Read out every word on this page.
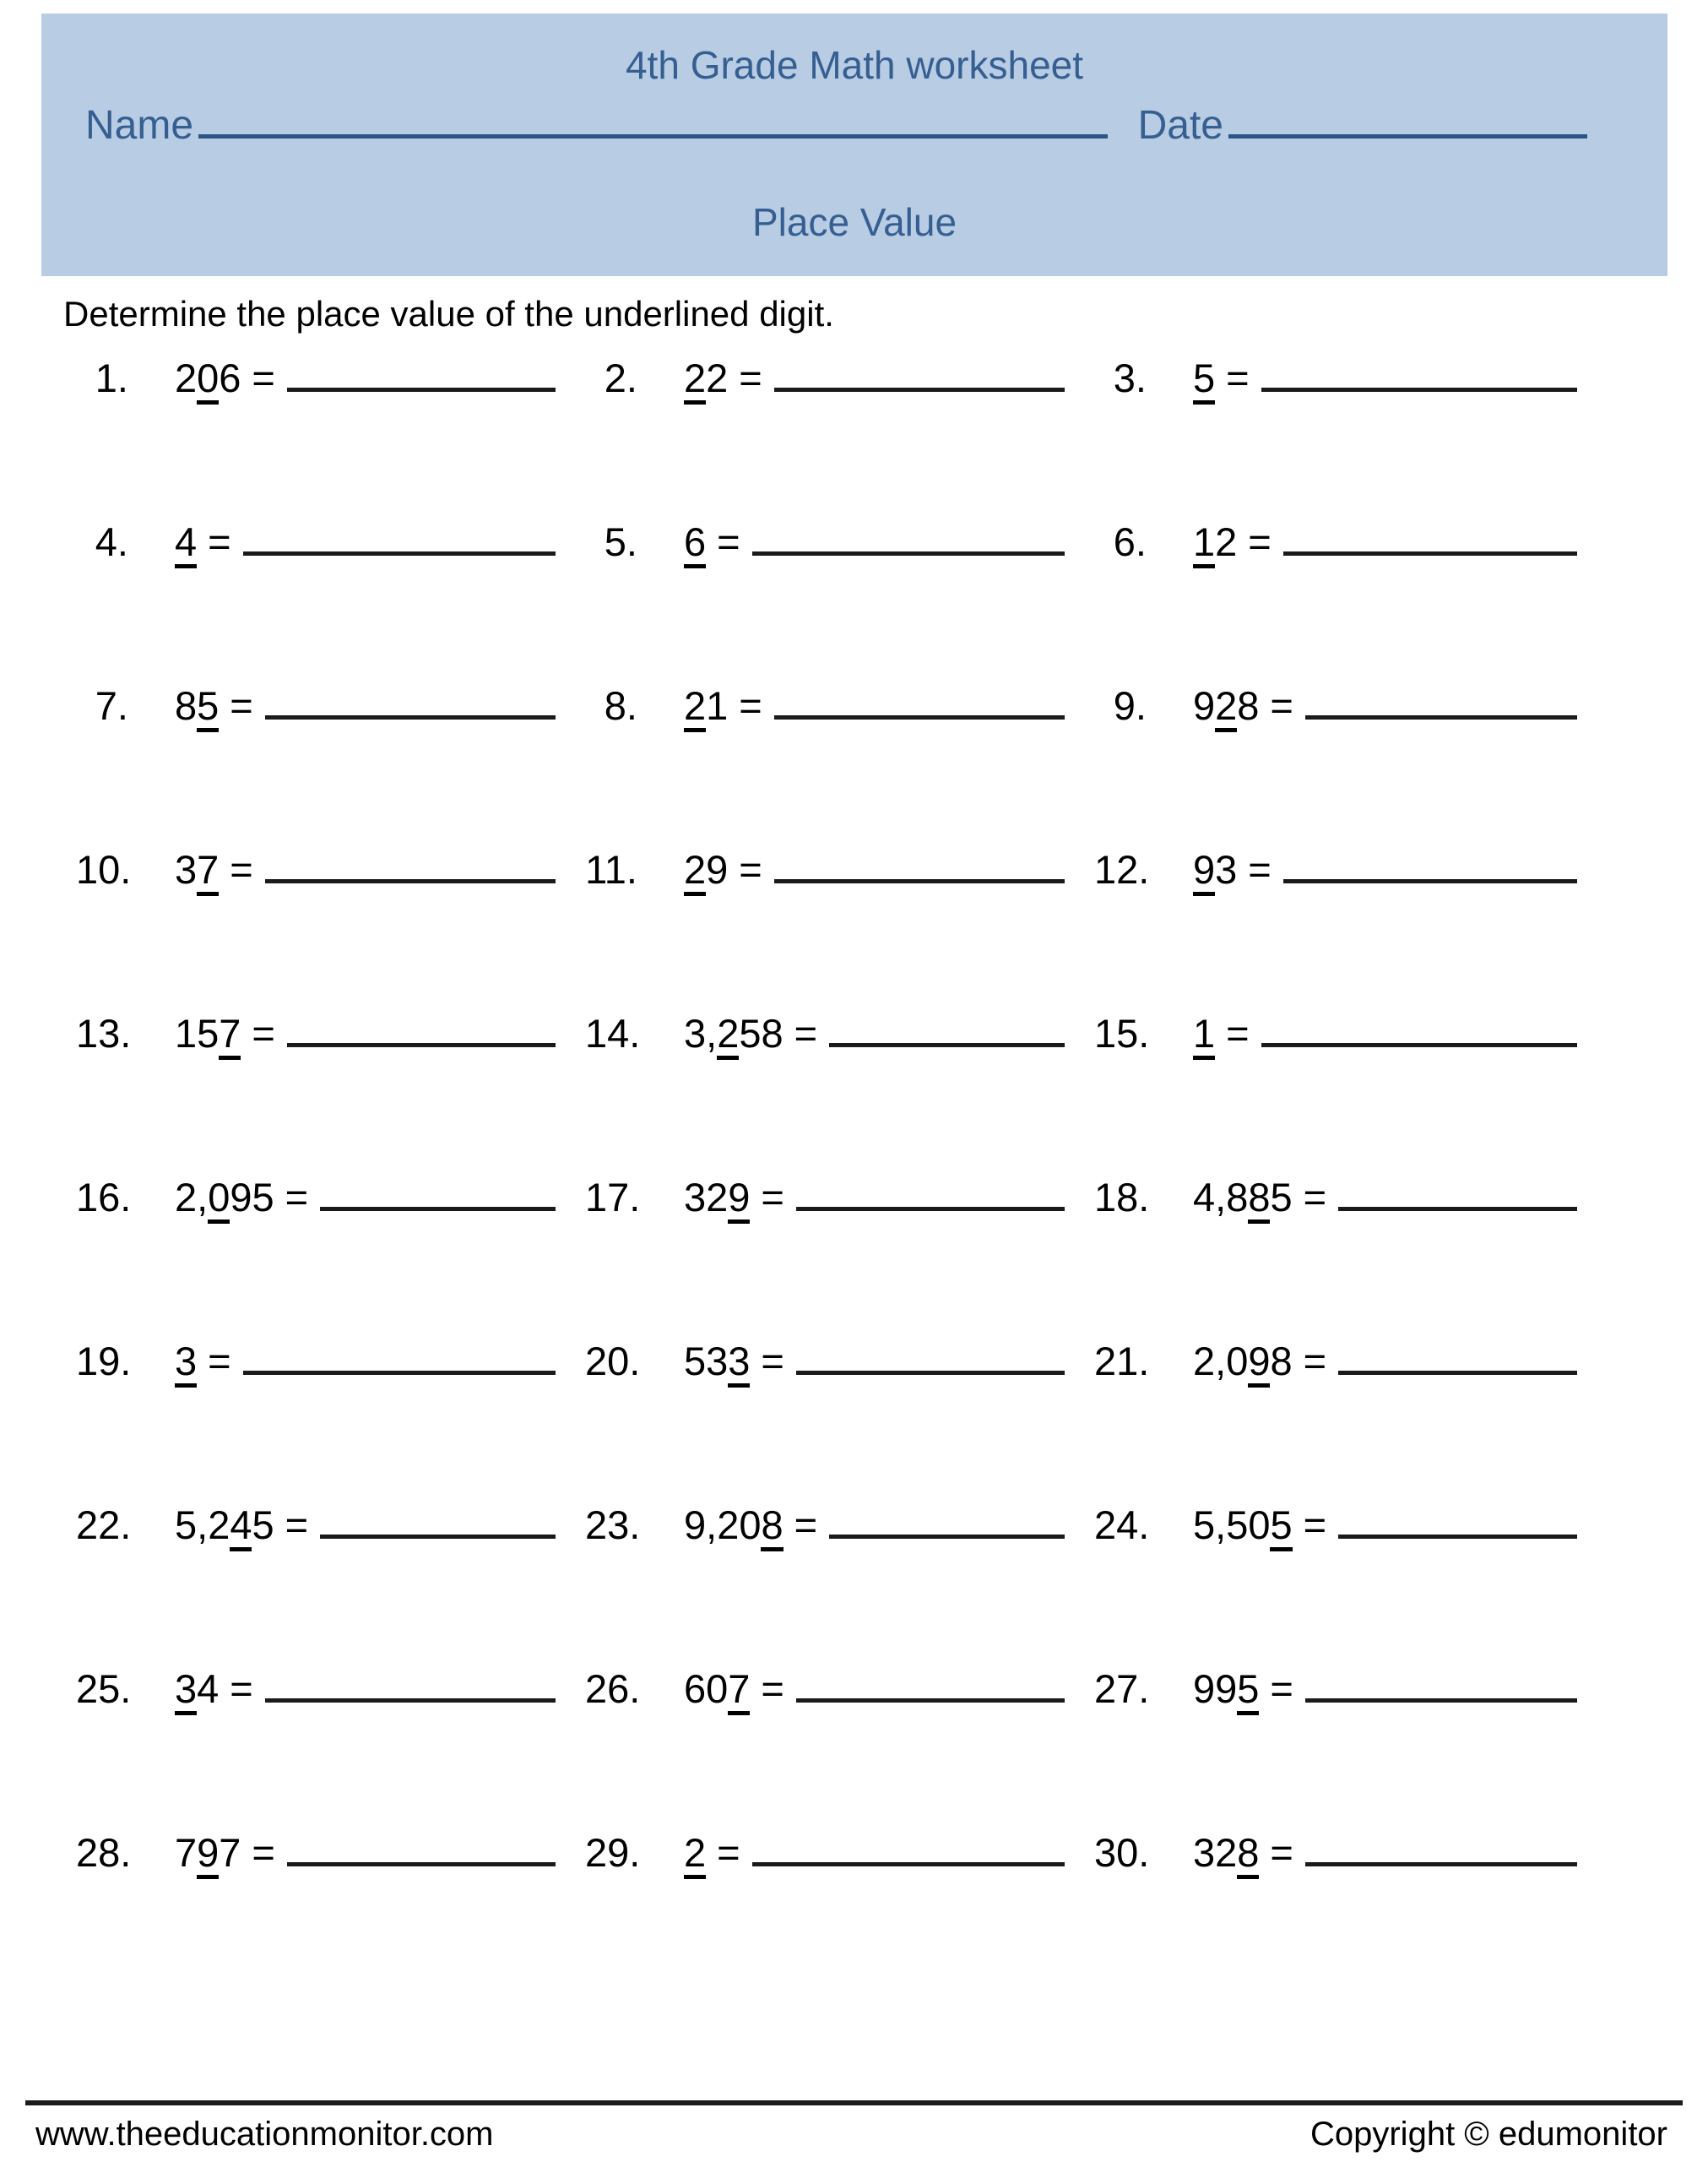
4th Grade Math worksheet
Name	Date
Place Value

Determine the place value of the underlined digit.

1. 206 =	2. 22 =	3. 5 =
4. 4 =	5. 6 =	6. 12 =
7. 85 =	8. 21 =	9. 928 =
10. 37 =	11. 29 =	12. 93 =
13. 157 =	14. 3,258 =	15. 1 =
16. 2,095 =	17. 329 =	18. 4,885 =
19. 3 =	20. 533 =	21. 2,098 =
22. 5,245 =	23. 9,208 =	24. 5,505 =
25. 34 =	26. 607 =	27. 995 =
28. 797 =	29. 2 =	30. 328 =
www.theeducationmonitor.com	Copyright © edumonitor
